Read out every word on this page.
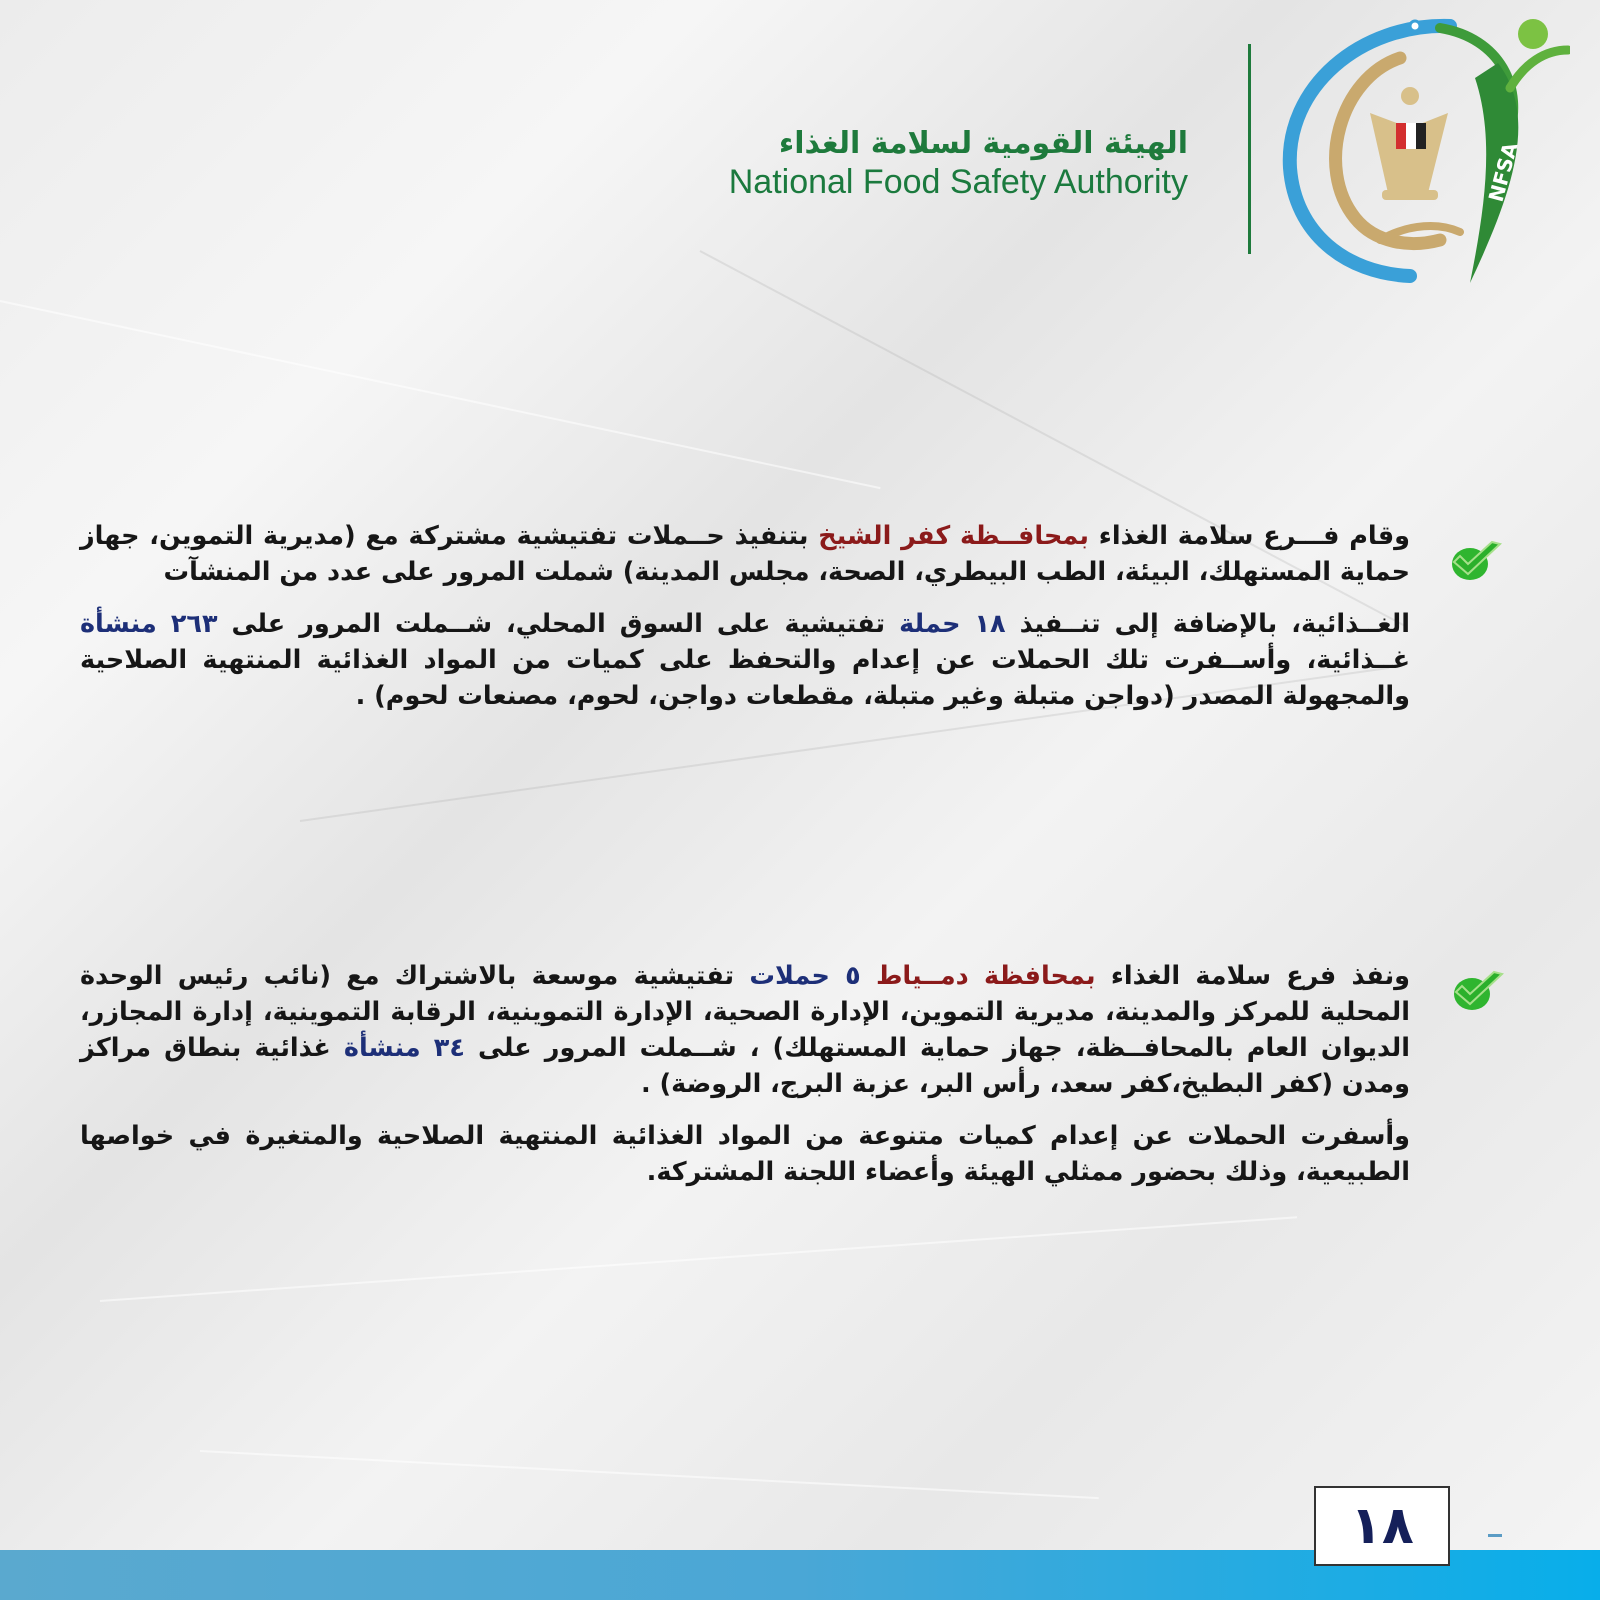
الهيئة القومية لسلامة الغذاء
National Food Safety Authority	NFSA

وقام فـــرع سلامة الغذاء بمحافــظة كفر الشيخ بتنفيذ حــملات تفتيشية مشتركة مع (مديرية التموين، جهاز حماية المستهلك، البيئة، الطب البيطري، الصحة، مجلس المدينة) شملت المرور على عدد من المنشآت

الغــذائية، بالإضافة إلى تنــفيذ ١٨ حملة تفتيشية على السوق المحلي، شــملت المرور على ٢٦٣ منشأة غــذائية، وأســفرت تلك الحملات عن إعدام والتحفظ على كميات من المواد الغذائية المنتهية الصلاحية والمجهولة المصدر (دواجن متبلة وغير متبلة، مقطعات دواجن، لحوم، مصنعات لحوم) .

ونفذ فرع سلامة الغذاء بمحافظة دمــياط ٥ حملات تفتيشية موسعة بالاشتراك مع (نائب رئيس الوحدة المحلية للمركز والمدينة، مديرية التموين، الإدارة الصحية، الإدارة التموينية، الرقابة التموينية، إدارة المجازر، الديوان العام بالمحافــظة، جهاز حماية المستهلك) ، شــملت المرور على ٣٤ منشأة غذائية بنطاق مراكز ومدن (كفر البطيخ،كفر سعد، رأس البر، عزبة البرج، الروضة) .

وأسفرت الحملات عن إعدام كميات متنوعة من المواد الغذائية المنتهية الصلاحية والمتغيرة في خواصها الطبيعية، وذلك بحضور ممثلي الهيئة وأعضاء اللجنة المشتركة.

١٨
